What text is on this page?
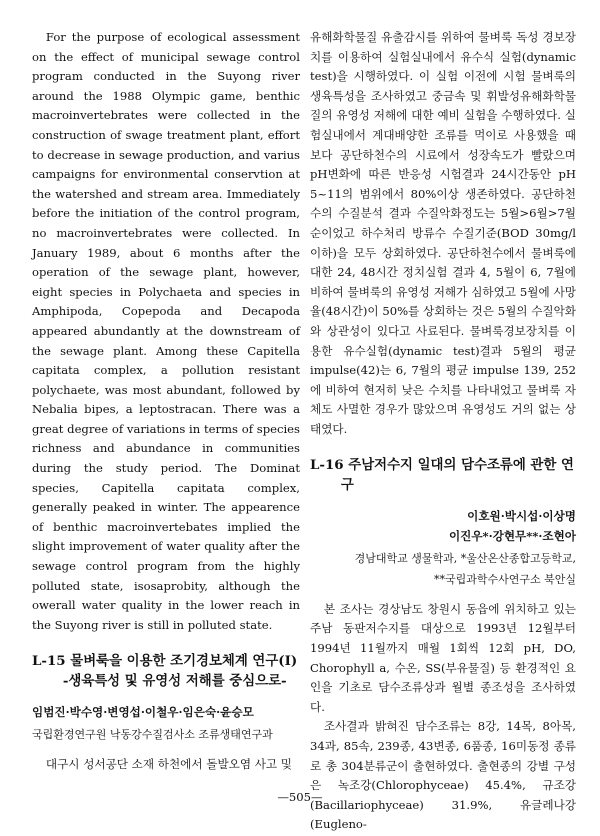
For the purpose of ecological assessment on the effect of municipal sewage control program conducted in the Suyong river around the 1988 Olympic game, benthic macroinvertebrates were collected in the construction of swage treatment plant, effort to decrease in sewage production, and varius campaigns for environmental conservtion at the watershed and stream area. Immediately before the initiation of the control program, no macroinvertebrates were collected. In January 1989, about 6 months after the operation of the sewage plant, however, eight species in Polychaeta and species in Amphipoda, Copepoda and Decapoda appeared abundantly at the downstream of the sewage plant. Among these Capitella capitata complex, a pollution resistant polychaete, was most abundant, followed by Nebalia bipes, a leptostracan. There was a great degree of variations in terms of species richness and abundance in communities during the study period. The Dominat species, Capitella capitata complex, generally peaked in winter. The appearence of benthic macroinvertebates implied the slight improvement of water quality after the sewage control program from the highly polluted state, isosaprobity, although the owerall water quality in the lower reach in the Suyong river is still in polluted state.

L-15 물벼룩을 이용한 조기경보체계 연구(I) -생육특성 및 유영성 저해를 중심으로-

임범진·박수영·변영섭·이철우·임은숙·윤승모

국립환경연구원 낙동강수질검사소 조류생태연구과

대구시 성서공단 소재 하천에서 돌발오염 사고 및

유해화학물질 유출감시를 위하여 물벼룩 독성 경보장치를 이용하여 실험실내에서 유수식 실험(dynamic test)을 시행하였다. 이 실험 이전에 시험 물벼룩의 생육특성을 조사하였고 중금속 및 휘발성유해화학물질의 유영성 저해에 대한 예비 실험을 수행하였다. 실험실내에서 계대배양한 조류를 먹이로 사용했을 때 보다 공단하천수의 시료에서 성장속도가 빨랐으며 pH변화에 따른 반응성 시험결과 24시간동안 pH 5~11의 범위에서 80%이상 생존하였다. 공단하천수의 수질분석 결과 수질악화정도는 5월>6월>7월순이었고 하수처리 방류수 수질기준(BOD 30mg/l이하)을 모두 상회하였다. 공단하천수에서 물벼룩에 대한 24, 48시간 정치실험 결과 4, 5월이 6, 7월에 비하여 물벼룩의 유영성 저해가 심하였고 5월에 사망율(48시간)이 50%를 상회하는 것은 5월의 수질악화와 상관성이 있다고 사료된다. 물벼룩경보장치를 이용한 유수실험(dynamic test)결과 5월의 평균 impulse(42)는 6, 7월의 평균 impulse 139, 252에 비하여 현저히 낮은 수치를 나타내었고 물벼룩 자체도 사멸한 경우가 많았으며 유영성도 거의 없는 상태였다.

L-16 주남저수지 일대의 담수조류에 관한 연구

이호원·박시섭·이상명

이진우*·강현무**·조현아

경남대학교 생물학과, *울산온산종합고등학교,

**국립과학수사연구소 북안실

본 조사는 경상남도 창원시 동읍에 위치하고 있는 주남 동판저수지를 대상으로 1993년 12월부터 1994년 11월까지 매월 1회씩 12회 pH, DO, Chorophyll a, 수온, SS(부유물질) 등 환경적인 요인을 기초로 담수조류상과 월별 종조성을 조사하였다.

조사결과 밝혀진 담수조류는 8강, 14목, 8아목, 34과, 85속, 239종, 43변종, 6품종, 16미동정 종류로 총 304분류군이 출현하였다. 출현종의 강별 구성은 녹조강(Chlorophyceae) 45.4%, 규조강(Bacillariophyceae) 31.9%, 유글레나강(Eugleno-

—505—
